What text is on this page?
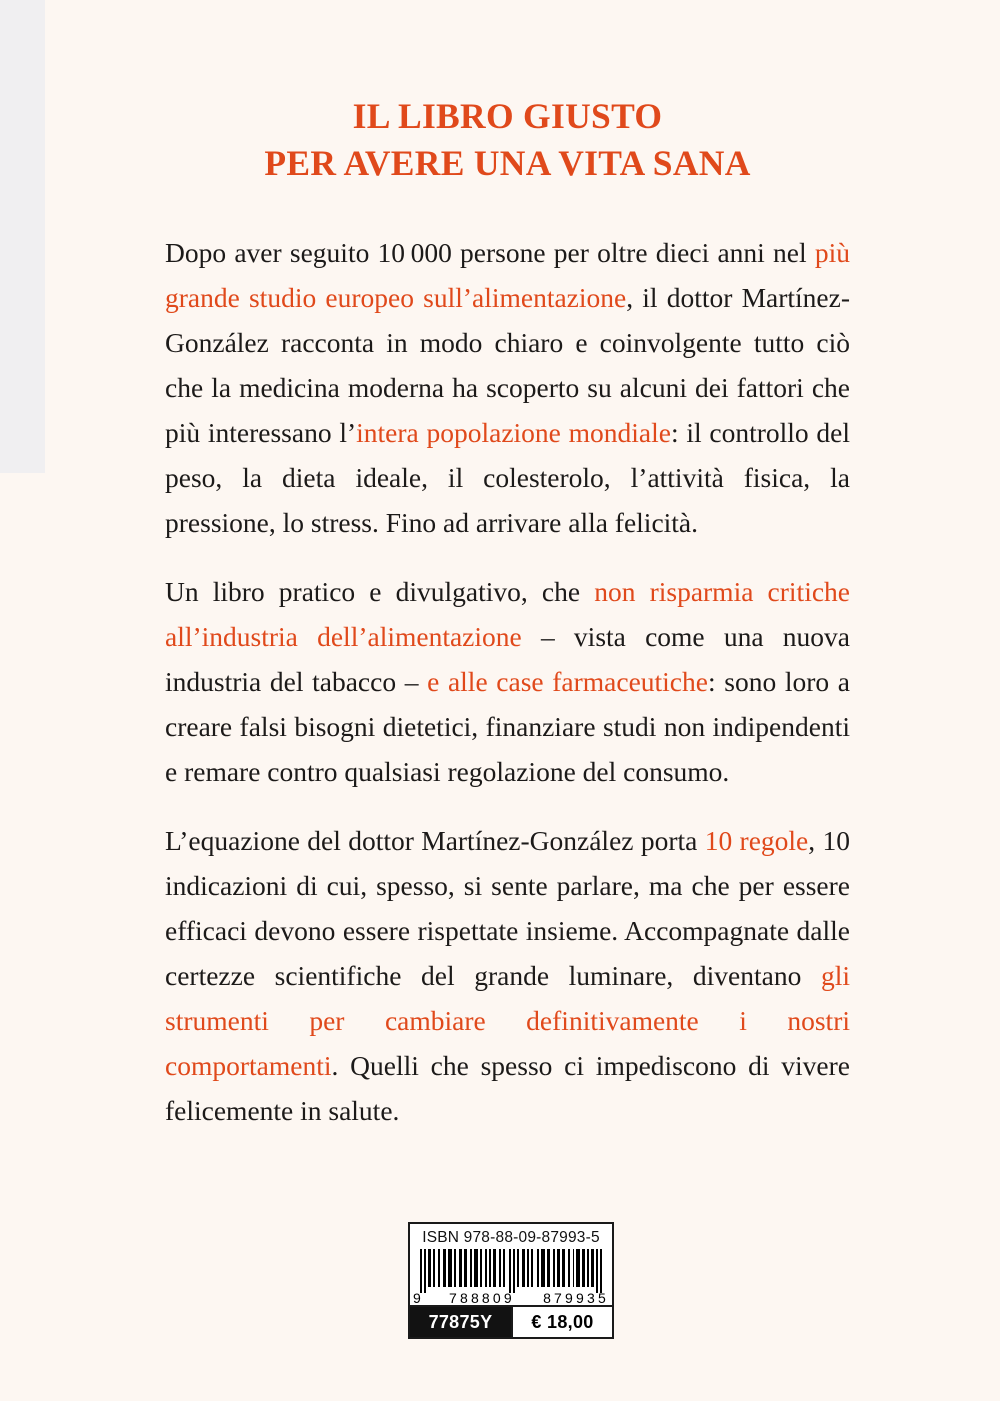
IL LIBRO GIUSTO
PER AVERE UNA VITA SANA

Dopo aver seguito 10 000 persone per oltre dieci anni nel più grande studio europeo sull’alimentazione, il dottor Martínez-González racconta in modo chiaro e coinvolgente tutto ciò che la medicina moderna ha scoperto su alcuni dei fattori che più interessano l’intera popolazione mondiale: il controllo del peso, la dieta ideale, il colesterolo, l’attività fisica, la pressione, lo stress. Fino ad arrivare alla felicità.

Un libro pratico e divulgativo, che non risparmia critiche all’industria dell’alimentazione – vista come una nuova industria del tabacco – e alle case farmaceutiche: sono loro a creare falsi bisogni dietetici, finanziare studi non indipendenti e remare contro qualsiasi regolazione del consumo.

L’equazione del dottor Martínez-González porta 10 regole, 10 indicazioni di cui, spesso, si sente parlare, ma che per essere efficaci devono essere rispettate insieme. Accompagnate dalle certezze scientifiche del grande luminare, diventano gli strumenti per cambiare definitivamente i nostri comportamenti. Quelli che spesso ci impediscono di vivere felicemente in salute.

ISBN 978-88-09-87993-5
9 788809 879935
77875Y	€ 18,00
